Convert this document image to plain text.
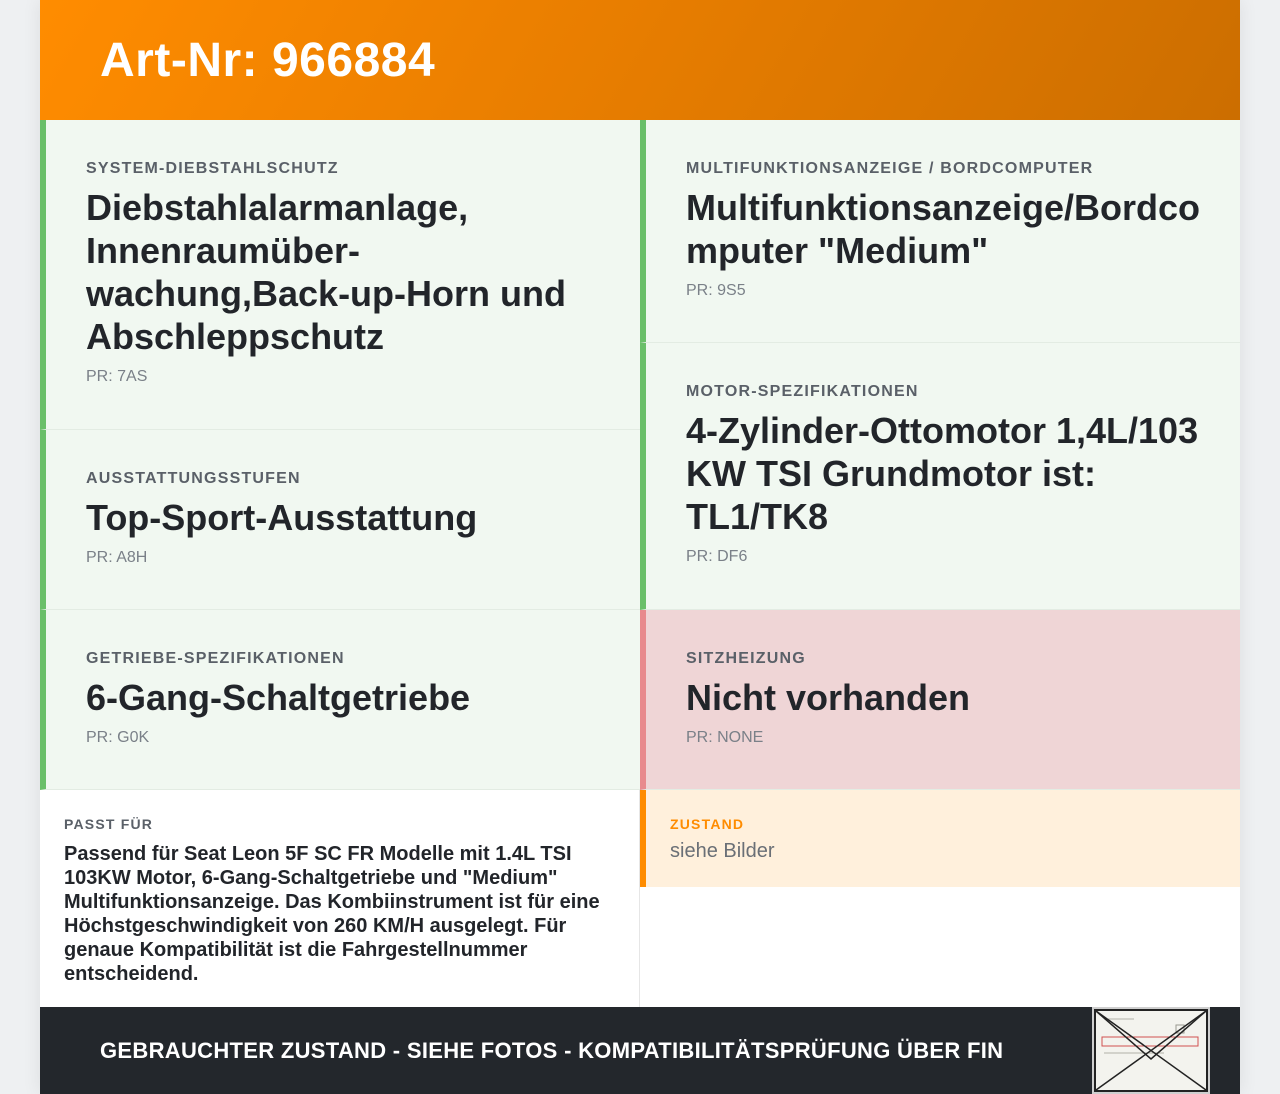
Art-Nr: 966884
SYSTEM-DIEBSTAHLSCHUTZ
Diebstahlalarmanlage, Innenraumüber-wachung,Back-up-Horn und Abschleppschutz
PR: 7AS
AUSSTATTUNGSSTUFEN
Top-Sport-Ausstattung
PR: A8H
GETRIEBE-SPEZIFIKATIONEN
6-Gang-Schaltgetriebe
PR: G0K
MULTIFUNKTIONSANZEIGE / BORDCOMPUTER
Multifunktionsanzeige/Bordcomputer "Medium"
PR: 9S5
MOTOR-SPEZIFIKATIONEN
4-Zylinder-Ottomotor 1,4L/103 KW TSI Grundmotor ist: TL1/TK8
PR: DF6
SITZHEIZUNG
Nicht vorhanden
PR: NONE
PASST FÜR
Passend für Seat Leon 5F SC FR Modelle mit 1.4L TSI 103KW Motor, 6-Gang-Schaltgetriebe und "Medium" Multifunktionsanzeige. Das Kombiinstrument ist für eine Höchstgeschwindigkeit von 260 KM/H ausgelegt. Für genaue Kompatibilität ist die Fahrgestellnummer entscheidend.
ZUSTAND
siehe Bilder
GEBRAUCHTER ZUSTAND - SIEHE FOTOS - KOMPATIBILITÄTSPRÜFUNG ÜBER FIN
